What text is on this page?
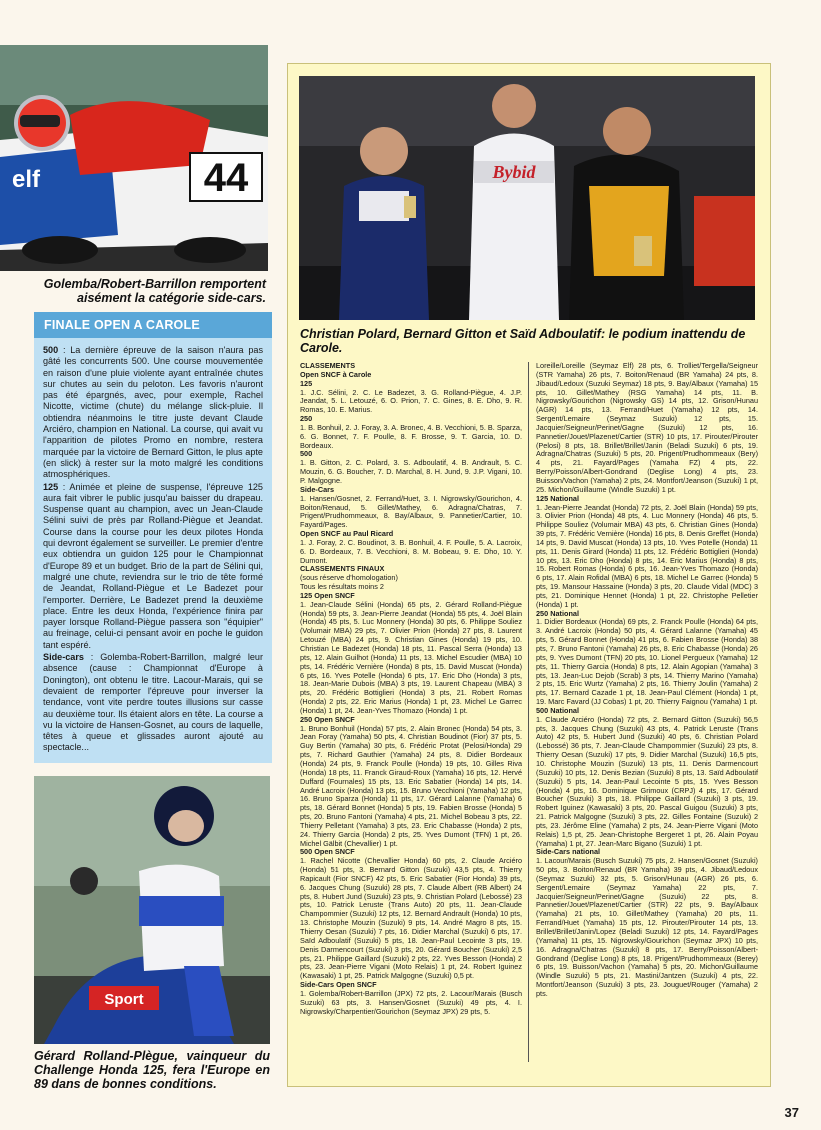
44
elf
Golemba/Robert-Barrillon remportent aisément la catégorie side-cars.
FINALE OPEN A CAROLE

500 : La dernière épreuve de la saison n'aura pas gâté les concurrents 500. Une course mouvementée en raison d'une pluie violente ayant entraînée chutes sur chutes au sein du peloton. Les favoris n'auront pas été épargnés, avec, pour exemple, Rachel Nicotte, victime (chute) du mélange slick-pluie. Il obtiendra néanmoins le titre juste devant Claude Arciéro, champion en National. La course, qui avait vu l'apparition de pilotes Promo en nombre, restera marquée par la victoire de Bernard Gitton, le plus apte (en slick) à rester sur la moto malgré les conditions atmosphériques.

125 : Animée et pleine de suspense, l'épreuve 125 aura fait vibrer le public jusqu'au baisser du drapeau. Suspense quant au champion, avec un Jean-Claude Sélini suivi de près par Rolland-Piègue et Jeandat. Course dans la course pour les deux pilotes Honda qui devront également se surveiller. Le premier d'entre eux obtiendra un guidon 125 pour le Championnat d'Europe 89 et un budget. Brio de la part de Sélini qui, malgré une chute, reviendra sur le trio de tête formé de Jeandat, Rolland-Piègue et Le Badezet pour l'emporter. Derrière, Le Badezet prend la deuxième place. Entre les deux Honda, l'expérience finira par payer lorsque Rolland-Piègue passera son "équipier" au freinage, celui-ci pensant avoir en poche le guidon tant espéré.

Side-cars : Golemba-Robert-Barrillon, malgré leur absence (cause : Championnat d'Europe à Donington), ont obtenu le titre. Lacour-Marais, qui se devaient de remporter l'épreuve pour inverser la tendance, vont vite perdre toutes illusions sur casse au deuxième tour. Ils étaient alors en tête. La course a vu la victoire de Hansen-Gosnet, au cours de laquelle, têtes à queue et glissades auront ajouté au spectacle...

Sport
Gérard Rolland-Plègue, vainqueur du Challenge Honda 125, fera l'Europe en 89 dans de bonnes conditions.
Bybid
Christian Polard, Bernard Gitton et Saïd Adboulatif: le podium inattendu de Carole.
CLASSEMENTS
Open SNCF à Carole
125

1. J.C. Sélini, 2. C. Le Badezet, 3. G. Rolland-Piègue, 4. J.P. Jeandat, 5. L. Letouzé, 6. O. Prion, 7. C. Gines, 8. E. Dho, 9. R. Romas, 10. E. Marius.

250

1. B. Bonhuil, 2. J. Foray, 3. A. Bronec, 4. B. Vecchioni, 5. B. Sparza, 6. G. Bonnet, 7. F. Poulle, 8. F. Brosse, 9. T. Garcia, 10. D. Bordeaux.

500

1. B. Gitton, 2. C. Polard, 3. S. Adboulatif, 4. B. Andrault, 5. C. Mouzin, 6. G. Boucher, 7. D. Marchal, 8. H. Jund, 9. J.P. Vigani, 10. P. Malgogne.

Side-Cars

1. Hansen/Gosnet, 2. Ferrand/Huet, 3. I. Nigrowsky/Gourichon, 4. Boiton/Renaud, 5. Gillet/Mathey, 6. Adragna/Chatras, 7. Prigent/Prudhommeaux, 8. Bay/Albaux, 9. Pannetier/Cartier, 10. Fayard/Pages.

Open SNCF au Paul Ricard

1. J. Foray, 2. C. Boudinot, 3. B. Bonhuil, 4. F. Poulle, 5. A. Lacroix, 6. D. Bordeaux, 7. B. Vecchioni, 8. M. Bobeau, 9. E. Dho, 10. Y. Dumont.

CLASSEMENTS FINAUX

(sous réserve d'homologation)

Tous les résultats moins 2

125 Open SNCF

1. Jean-Claude Sélini (Honda) 65 pts, 2. Gérard Rolland-Piègue (Honda) 59 pts, 3. Jean-Pierre Jeandat (Honda) 55 pts, 4. Joël Blain (Honda) 45 pts, 5. Luc Monnery (Honda) 30 pts, 6. Philippe Souliez (Volumair MBA) 29 pts, 7. Olivier Prion (Honda) 27 pts, 8. Laurent Letouzé (MBA) 24 pts, 9. Christian Gines (Honda) 19 pts, 10. Christian Le Badezet (Honda) 18 pts, 11. Pascal Serra (Honda) 13 pts, 12. Alain Guilhot (Honda) 11 pts, 13. Michel Escudier (MBA) 10 pts, 14. Frédéric Vernière (Honda) 8 pts, 15. David Muscat (Honda) 6 pts, 16. Yves Potelle (Honda) 6 pts, 17. Eric Dho (Honda) 3 pts, 18. Jean-Marie Dubois (MBA) 3 pts, 19. Laurent Chapeau (MBA) 3 pts, 20. Frédéric Bottiglieri (Honda) 3 pts, 21. Robert Romas (Honda) 2 pts, 22. Eric Marius (Honda) 1 pt, 23. Michel Le Garrec (Honda) 1 pt, 24. Jean-Yves Thomazo (Honda) 1 pt.

250 Open SNCF

1. Bruno Bonhuil (Honda) 57 pts, 2. Alain Bronec (Honda) 54 pts, 3. Jean Foray (Yamaha) 50 pts, 4. Christian Boudinot (Fior) 37 pts, 5. Guy Bertin (Yamaha) 30 pts, 6. Frédéric Protat (Pelosi/Honda) 29 pts, 7. Richard Gauthier (Yamaha) 24 pts, 8. Didier Bordeaux (Honda) 24 pts, 9. Franck Poulle (Honda) 19 pts, 10. Gilles Riva (Honda) 18 pts, 11. Franck Giraud-Roux (Yamaha) 16 pts, 12. Hervé Duffard (Fournales) 15 pts, 13. Eric Sabatier (Honda) 14 pts, 14. André Lacroix (Honda) 13 pts, 15. Bruno Vecchioni (Yamaha) 12 pts, 16. Bruno Sparza (Honda) 11 pts, 17. Gérard Lalanne (Yamaha) 6 pts, 18. Gérard Bonnet (Honda) 5 pts, 19. Fabien Brosse (Honda) 5 pts, 20. Bruno Fantoni (Yamaha) 4 pts, 21. Michel Bobeau 3 pts, 22. Thierry Pelletant (Yamaha) 3 pts, 23. Eric Chabasse (Honda) 2 pts, 24. Thierry Garcia (Honda) 2 pts, 25. Yves Dumont (TFN) 1 pt, 26. Michel Gälbit (Chevallier) 1 pt.

500 Open SNCF

1. Rachel Nicotte (Chevallier Honda) 60 pts, 2. Claude Arciéro (Honda) 51 pts, 3. Bernard Gitton (Suzuki) 43,5 pts, 4. Thierry Rapicault (Fior SNCF) 42 pts, 5. Eric Sabatier (Fior Honda) 39 pts, 6. Jacques Chung (Suzuki) 28 pts, 7. Claude Albert (RB Albert) 24 pts, 8. Hubert Jund (Suzuki) 23 pts, 9. Christian Polard (Lebossé) 23 pts, 10. Patrick Leruste (Trans Auto) 20 pts, 11. Jean-Claude Champommier (Suzuki) 12 pts, 12. Bernard Andrault (Honda) 10 pts, 13. Christophe Mouzin (Suzuki) 9 pts, 14. André Magro 8 pts, 15. Thierry Oesan (Suzuki) 7 pts, 16. Didier Marchal (Suzuki) 6 pts, 17. Saïd Adboulatif (Suzuki) 5 pts, 18. Jean-Paul Lecointe 3 pts, 19. Denis Darmencourt (Suzuki) 3 pts, 20. Gérard Boucher (Suzuki) 2,5 pts, 21. Philippe Gaillard (Suzuki) 2 pts, 22. Yves Besson (Honda) 2 pts, 23. Jean-Pierre Vigani (Moto Relais) 1 pt, 24. Robert Iguinez (Kawasaki) 1 pt, 25. Patrick Malgogne (Suzuki) 0,5 pt.

Side-Cars Open SNCF

1. Golemba/Robert-Barrillon (JPX) 72 pts, 2. Lacour/Marais (Busch Suzuki) 63 pts, 3. Hansen/Gosnet (Suzuki) 49 pts, 4. I. Nigrowsky/Charpentier/Gourichon (Seymaz JPX) 29 pts, 5.

Loreille/Loreille (Seymaz Elf) 28 pts, 6. Trolliet/Tergella/Seigneur (STR Yamaha) 26 pts, 7. Boiton/Renaud (BR Yamaha) 24 pts, 8. Jibaud/Ledoux (Suzuki Seymaz) 18 pts, 9. Bay/Albaux (Yamaha) 15 pts, 10. Gillet/Mathey (RSG Yamaha) 14 pts, 11. B. Nigrowsky/Gourichon (Nigrowsky GS) 14 pts, 12. Grison/Hunau (AGR) 14 pts, 13. Ferrand/Huet (Yamaha) 12 pts, 14. Sergent/Lemaire (Seymaz Suzuki) 12 pts, 15. Jacquier/Seigneur/Perinet/Gagne (Suzuki) 12 pts, 16. Pannetier/Jouet/Plazenet/Cartier (STR) 10 pts, 17. Pirouter/Pirouter (Pelosi) 8 pts, 18. Brillet/Brillet/Janin (Beladi Suzuki) 6 pts, 19. Adragna/Chatras (Suzuki) 5 pts, 20. Prigent/Prudhommeaux (Bery) 4 pts, 21. Fayard/Pages (Yamaha FZ) 4 pts, 22. Berry/Poisson/Albert-Gondrand (Deglise Long) 4 pts, 23. Buisson/Vachon (Yamaha) 2 pts, 24. Montfort/Jeanson (Suzuki) 1 pt, 25. Michon/Guillaume (Windle Suzuki) 1 pt.

125 National

1. Jean-Pierre Jeandat (Honda) 72 pts, 2. Joël Blain (Honda) 59 pts, 3. Olivier Prion (Honda) 48 pts, 4. Luc Monnery (Honda) 46 pts, 5. Philippe Souliez (Volumair MBA) 43 pts, 6. Christian Gines (Honda) 39 pts, 7. Frédéric Vernière (Honda) 16 pts, 8. Denis Greffet (Honda) 14 pts, 9. David Muscat (Honda) 13 pts, 10. Yves Potelle (Honda) 11 pts, 11. Denis Girard (Honda) 11 pts, 12. Frédéric Bottiglieri (Honda) 10 pts, 13. Eric Dho (Honda) 8 pts, 14. Eric Marius (Honda) 8 pts, 15. Robert Romas (Honda) 6 pts, 16. Jean-Yves Thomazo (Honda) 6 pts, 17. Alain Rofidal (MBA) 6 pts, 18. Michel Le Garrec (Honda) 5 pts, 19. Mansour Hassaine (Honda) 3 pts, 20. Claude Vidal (MDC) 3 pts, 21. Dominique Hennet (Honda) 1 pt, 22. Christophe Pelletier (Honda) 1 pt.

250 National

1. Didier Bordeaux (Honda) 69 pts, 2. Franck Poulle (Honda) 64 pts, 3. André Lacroix (Honda) 50 pts, 4. Gérard Lalanne (Yamaha) 45 pts, 5. Gérard Bonnet (Honda) 41 pts, 6. Fabien Brosse (Honda) 38 pts, 7. Bruno Fantoni (Yamaha) 26 pts, 8. Eric Chabasse (Honda) 26 pts, 9. Yves Dumont (TFN) 20 pts, 10. Lionel Pergueux (Yamaha) 12 pts, 11. Thierry Garcia (Honda) 8 pts, 12. Alain Agopian (Yamaha) 3 pts, 13. Jean-Luc Dejob (Scrab) 3 pts, 14. Thierry Marino (Yamaha) 2 pts, 15. Eric Wurtz (Yamaha) 2 pts, 16. Thierry Joulin (Yamaha) 2 pts, 17. Bernard Cazade 1 pt, 18. Jean-Paul Clément (Honda) 1 pt, 19. Marc Favard (JJ Cobas) 1 pt, 20. Thierry Faignou (Yamaha) 1 pt.

500 National

1. Claude Arciéro (Honda) 72 pts, 2. Bernard Gitton (Suzuki) 56,5 pts, 3. Jacques Chung (Suzuki) 43 pts, 4. Patrick Leruste (Trans Auto) 42 pts, 5. Hubert Jund (Suzuki) 40 pts, 6. Christian Polard (Lebossé) 36 pts, 7. Jean-Claude Champommier (Suzuki) 23 pts, 8. Thierry Oesan (Suzuki) 17 pts, 9. Didier Marchal (Suzuki) 16,5 pts, 10. Christophe Mouzin (Suzuki) 13 pts, 11. Denis Darmencourt (Suzuki) 10 pts, 12. Denis Bezian (Suzuki) 8 pts, 13. Saïd Adboulatif (Suzuki) 5 pts, 14. Jean-Paul Lecointe 5 pts, 15. Yves Besson (Honda) 4 pts, 16. Dominique Grimoux (CRPJ) 4 pts, 17. Gérard Boucher (Suzuki) 3 pts, 18. Philippe Gaillard (Suzuki) 3 pts, 19. Robert Iguinez (Kawasaki) 3 pts, 20. Pascal Guigou (Suzuki) 3 pts, 21. Patrick Malgogne (Suzuki) 3 pts, 22. Gilles Fontaine (Suzuki) 2 pts, 23. Jérôme Eline (Yamaha) 2 pts, 24. Jean-Pierre Vigani (Moto Relais) 1,5 pt, 25. Jean-Christophe Bergeret 1 pt, 26. Alain Poyau (Yamaha) 1 pt, 27. Jean-Marc Bigano (Suzuki) 1 pt.

Side-Cars national

1. Lacour/Marais (Busch Suzuki) 75 pts, 2. Hansen/Gosnet (Suzuki) 50 pts, 3. Boiton/Renaud (BR Yamaha) 39 pts, 4. Jibaud/Ledoux (Seymaz Suzuki) 32 pts, 5. Grison/Hunau (AGR) 26 pts, 6. Sergent/Lemaire (Seymaz Yamaha) 22 pts, 7. Jacquier/Seigneur/Perinet/Gagne (Suzuki) 22 pts, 8. Pannetier/Jouet/Plazenet/Cartier (STR) 22 pts, 9. Bay/Albaux (Yamaha) 21 pts, 10. Gillet/Mathey (Yamaha) 20 pts, 11. Ferrand/Huet (Yamaha) 15 pts, 12. Pirouter/Pirouter 14 pts, 13. Brillet/Brillet/Janin/Lopez (Beladi Suzuki) 12 pts, 14. Fayard/Pages (Yamaha) 11 pts, 15. Nigrowsky/Gourichon (Seymaz JPX) 10 pts, 16. Adragna/Chatras (Suzuki) 8 pts, 17. Berry/Poisson/Albert-Gondrand (Deglise Long) 8 pts, 18. Prigent/Prudhommeaux (Berey) 6 pts, 19. Buisson/Vachon (Yamaha) 5 pts, 20. Michon/Guillaume (Windle Suzuki) 5 pts, 21. Mastini/Jantzen (Suzuki) 4 pts, 22. Montfort/Jeanson (Suzuki) 3 pts, 23. Jouguet/Rouger (Yamaha) 2 pts.

37
